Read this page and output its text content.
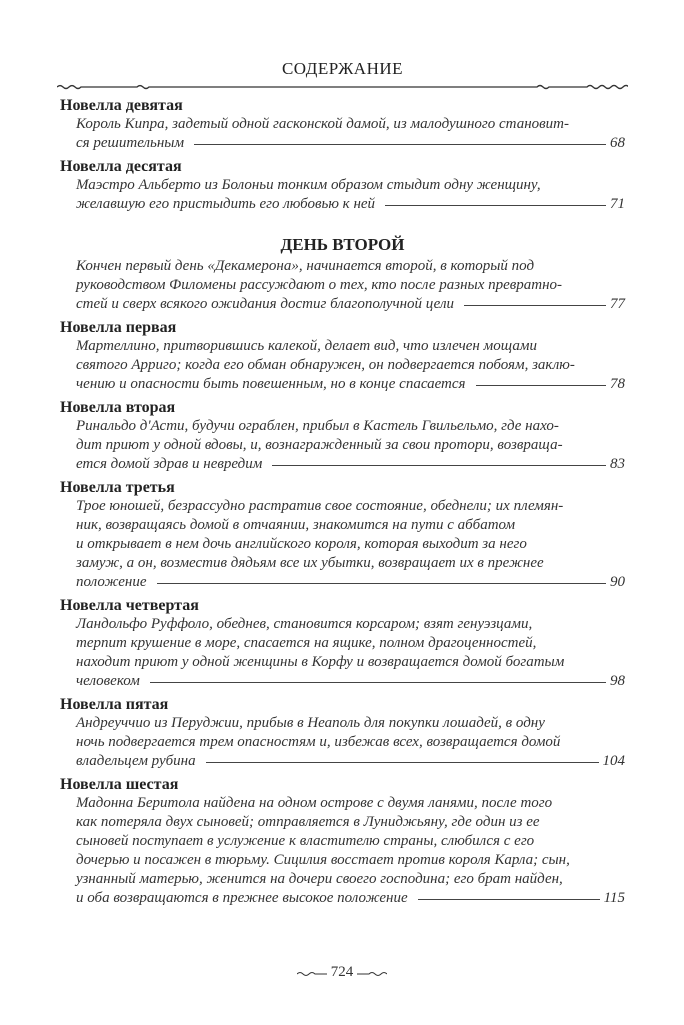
СОДЕРЖАНИЕ
Новелла девятая
Король Кипра, задетый одной гасконской дамой, из малодушного становит-
ся решительным	68
Новелла десятая
Маэстро Альберто из Болоньи тонким образом стыдит одну женщину,
желавшую его пристыдить его любовью к ней	71
ДЕНЬ ВТОРОЙ
Кончен первый день «Декамерона», начинается второй, в который под
руководством Филомены рассуждают о тех, кто после разных превратно-
стей и сверх всякого ожидания достиг благополучной цели	77
Новелла первая
Мартеллино, притворившись калекой, делает вид, что излечен мощами
святого Арриго; когда его обман обнаружен, он подвергается побоям, заклю-
чению и опасности быть повешенным, но в конце спасается	78
Новелла вторая
Ринальдо д'Асти, будучи ограблен, прибыл в Кастель Гвильельмо, где нахо-
дит приют у одной вдовы, и, вознагражденный за свои протори, возвраща-
ется домой здрав и невредим	83
Новелла третья
Трое юношей, безрассудно растратив свое состояние, обеднели; их племян-
ник, возвращаясь домой в отчаянии, знакомится на пути с аббатом
и открывает в нем дочь английского короля, которая выходит за него
замуж, а он, возместив дядьям все их убытки, возвращает их в прежнее
положение	90
Новелла четвертая
Ландольфо Руффоло, обеднев, становится корсаром; взят генуэзцами,
терпит крушение в море, спасается на ящике, полном драгоценностей,
находит приют у одной женщины в Корфу и возвращается домой богатым
человеком	98
Новелла пятая
Андреуччио из Перуджии, прибыв в Неаполь для покупки лошадей, в одну
ночь подвергается трем опасностям и, избежав всех, возвращается домой
владельцем рубина	104
Новелла шестая
Мадонна Беритола найдена на одном острове с двумя ланями, после того
как потеряла двух сыновей; отправляется в Луниджьяну, где один из ее
сыновей поступает в услужение к властителю страны, слюбился с его
дочерью и посажен в тюрьму. Сицилия восстает против короля Карла; сын,
узнанный матерью, женится на дочери своего господина; его брат найден,
и оба возвращаются в прежнее высокое положение	115
724
